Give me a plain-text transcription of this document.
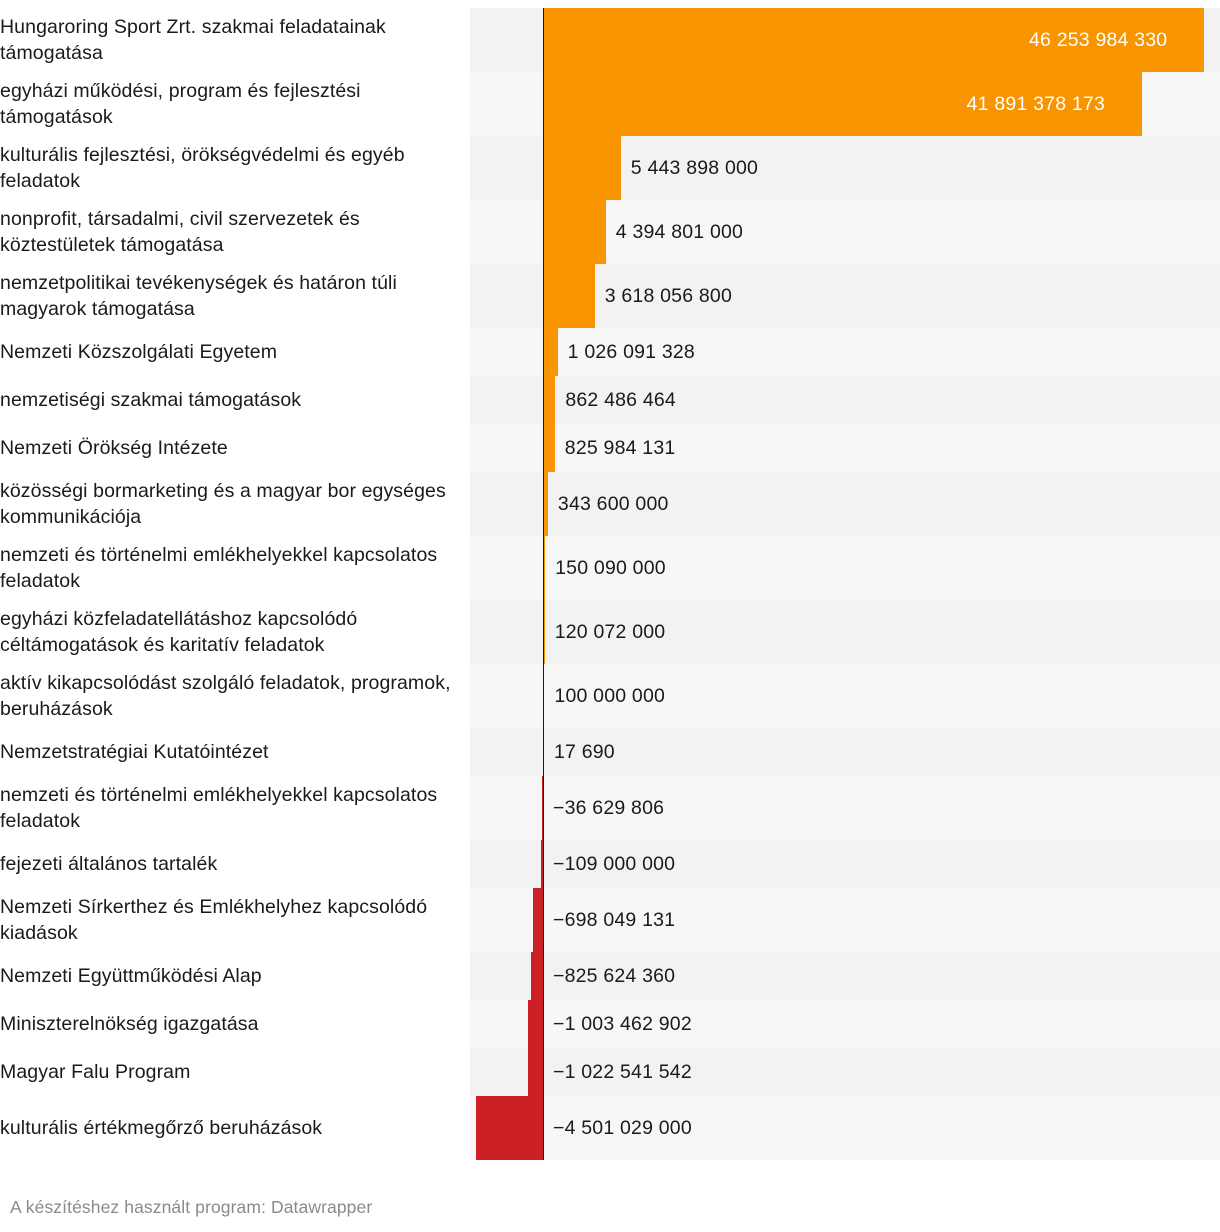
Hungaroring Sport Zrt. szakmai feladatainak támogatása
46 253 984 330
egyházi működési, program és fejlesztési támogatások
41 891 378 173
kulturális fejlesztési, örökségvédelmi és egyéb feladatok
5 443 898 000
nonprofit, társadalmi, civil szervezetek és köztestületek támogatása
4 394 801 000
nemzetpolitikai tevékenységek és határon túli magyarok támogatása
3 618 056 800
Nemzeti Közszolgálati Egyetem	1 026 091 328
nemzetiségi szakmai támogatások	862 486 464
Nemzeti Örökség Intézete	825 984 131
közösségi bormarketing és a magyar bor egységes kommunikációja
343 600 000
nemzeti és történelmi emlékhelyekkel kapcsolatos feladatok
150 090 000
egyházi közfeladatellátáshoz kapcsolódó céltámogatások és karitatív feladatok
120 072 000
aktív kikapcsolódást szolgáló feladatok, programok, beruházások
100 000 000
Nemzetstratégiai Kutatóintézet	17 690
nemzeti és történelmi emlékhelyekkel kapcsolatos feladatok
−36 629 806
fejezeti általános tartalék	−109 000 000
Nemzeti Sírkerthez és Emlékhelyhez kapcsolódó kiadások
−698 049 131
Nemzeti Együttműködési Alap	−825 624 360
Miniszterelnökség igazgatása	−1 003 462 902
Magyar Falu Program	−1 022 541 542
kulturális értékmegőrző beruházások	−4 501 029 000
A készítéshez használt program: Datawrapper
